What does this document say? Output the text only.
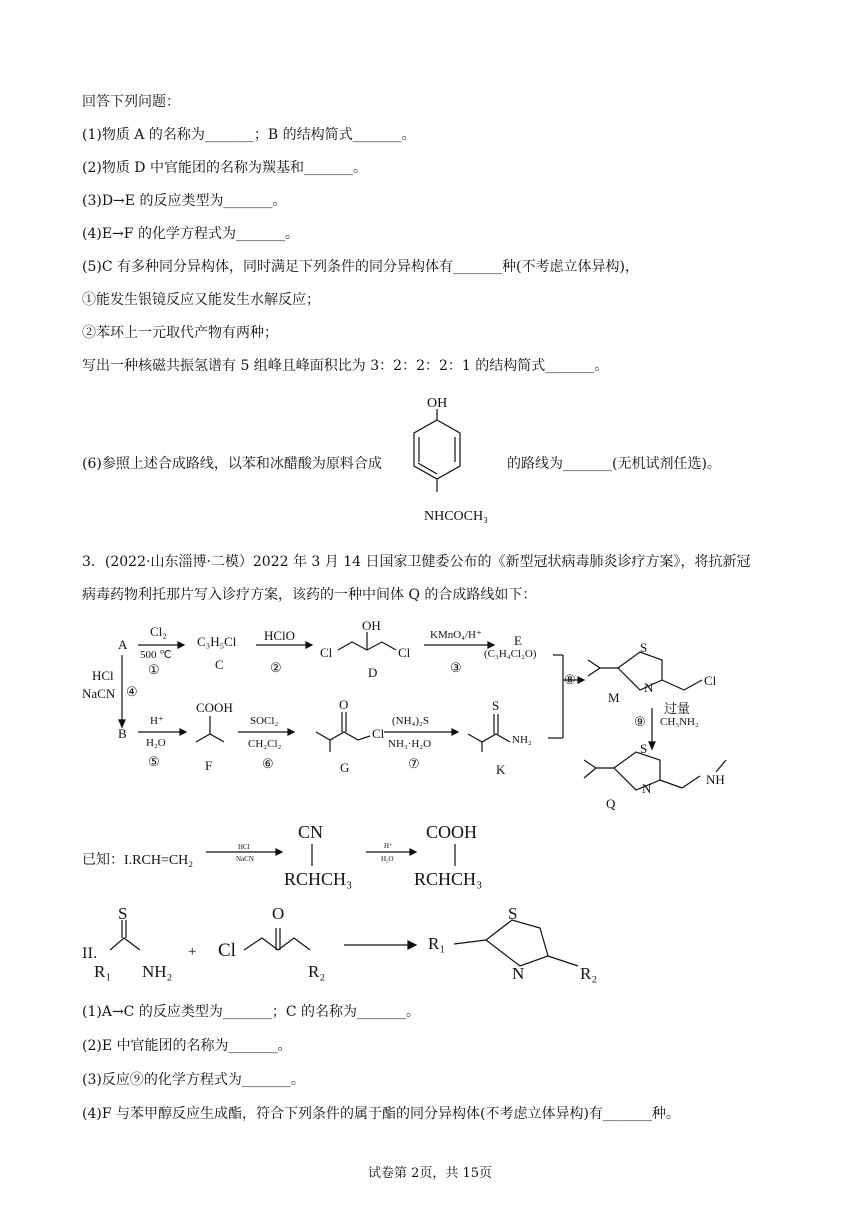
回答下列问题：
(1)物质 A 的名称为_______；B 的结构简式_______。
(2)物质 D 中官能团的名称为羰基和_______。
(3)D→E 的反应类型为_______。
(4)E→F 的化学方程式为_______。
(5)C 有多种同分异构体，同时满足下列条件的同分异构体有_______种(不考虑立体异构)，
①能发生银镜反应又能发生水解反应；
②苯环上一元取代产物有两种；
写出一种核磁共振氢谱有 5 组峰且峰面积比为 3：2：2：2：1 的结构简式_______。
(6)参照上述合成路线，以苯和冰醋酸为原料合成	的路线为_______(无机试剂任选)。
OH
NHCOCH₃
3．(2022·山东淄博·二模）2022 年 3 月 14 日国家卫健委公布的《新型冠状病毒肺炎诊疗方案》，将抗新冠
病毒药物利托那片写入诊疗方案，该药的一种中间体 Q 的合成路线如下：
A
Cl₂
500 ℃
①
C₃H₅Cl
C
HClO
②
OH
Cl	Cl
D
KMnO₄/H⁺
③
E
(C₃H₄Cl₂O)
HCl
NaCN ④
B
H⁺
H₂O
⑤
COOH
F
SOCl₂
CH₂Cl₂
⑥
O
Cl
G
(NH₄)₂S
NH₃·H₂O
⑦
S
NH₂
K
⑧
S
N	Cl
M
过量
CH₃NH₂
⑨
S
N
NH
Q
已知：I.RCH=CH₂
HCl
NaCN
CN
RCHCH₃
H⁺
H₂O
COOH
RCHCH₃
II.
S
R₁ NH₂
+ Cl
O
R₂
S
R₁
N	R₂
(1)A→C 的反应类型为_______；C 的名称为_______。
(2)E 中官能团的名称为_______。
(3)反应⑨的化学方程式为_______。
(4)F 与苯甲醇反应生成酯，符合下列条件的属于酯的同分异构体(不考虑立体异构)有_______种。
试卷第 2页，共 15页
